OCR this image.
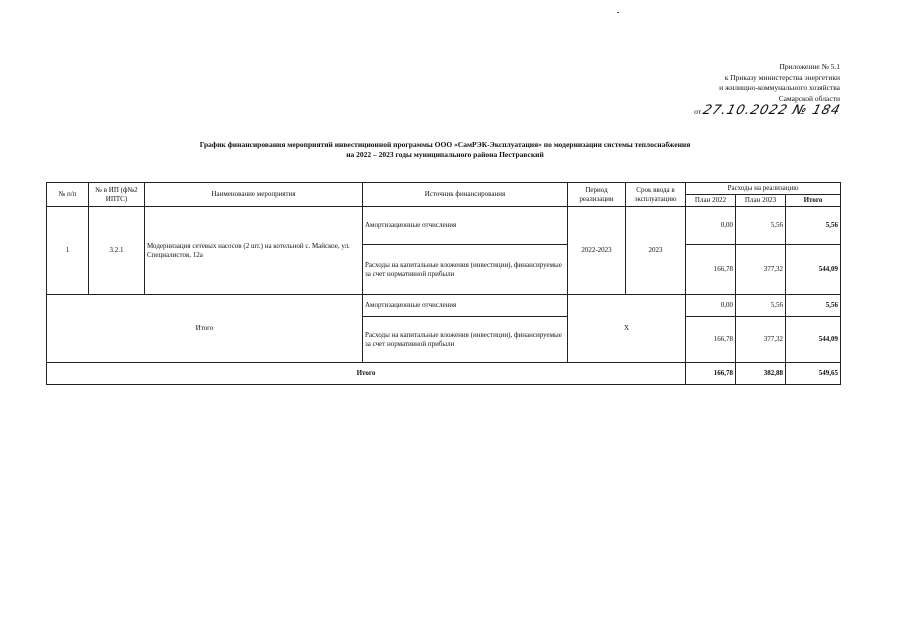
Приложение № 5.1
к Приказу министерства энергетики
и жилищно-коммунального хозяйства
Самарской области
от 27.10.2022 № 184
График финансирования мероприятий инвестиционной программы ООО «СамРЭК-Эксплуатация» по модернизации системы теплоснабжения
на 2022 – 2023 годы муниципального района Пестравский
№ п/п	№ в ИП (ф№2 ИПТС)	Наименование мероприятия	Источник финансирования	Период реализации	Срок ввода в эксплуатацию	Расходы на реализацию		
						План 2022	План 2023	Итого
1	3.2.1	Модернизация сетевых насосов (2 шт.) на котельной с. Майское, ул. Специалистов, 12а	Амортизационные отчисления	2022-2023	2023	0,00	5,56	5,56
			Расходы на капитальные вложения (инвестиции), финансируемые за счет нормативной прибыли			166,78	377,32	544,09
Итого			Амортизационные отчисления	Х		0,00	5,56	5,56
			Расходы на капитальные вложения (инвестиции), финансируемые за счет нормативной прибыли			166,78	377,32	544,09
Итого						166,78	382,88	549,65
